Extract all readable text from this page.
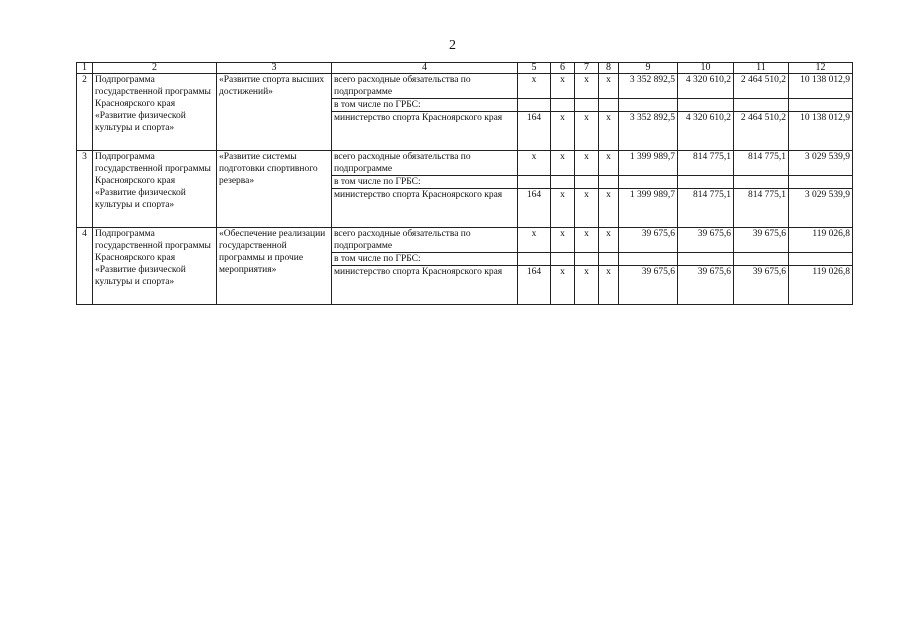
2
1	2	3	4	5	6	7	8	9	10	11	12
2	Подпрограмма государственной программы Красноярского края «Развитие физической культуры и спорта»	«Развитие спорта высших достижений»	всего расходные обязательства по подпрограмме	x	x	x	x	3 352 892,5	4 320 610,2	2 464 510,2	10 138 012,9
			в том числе по ГРБС:								
			министерство спорта Красноярского края	164	x	x	x	3 352 892,5	4 320 610,2	2 464 510,2	10 138 012,9
3	Подпрограмма государственной программы Красноярского края «Развитие физической культуры и спорта»	«Развитие системы подготовки спортивного резерва»	всего расходные обязательства по подпрограмме	x	x	x	x	1 399 989,7	814 775,1	814 775,1	3 029 539,9
			в том числе по ГРБС:								
			министерство спорта Красноярского края	164	x	x	x	1 399 989,7	814 775,1	814 775,1	3 029 539,9
4	Подпрограмма государственной программы Красноярского края «Развитие физической культуры и спорта»	«Обеспечение реализации государственной программы и прочие мероприятия»	всего расходные обязательства по подпрограмме	x	x	x	x	39 675,6	39 675,6	39 675,6	119 026,8
			в том числе по ГРБС:								
			министерство спорта Красноярского края	164	x	x	x	39 675,6	39 675,6	39 675,6	119 026,8
